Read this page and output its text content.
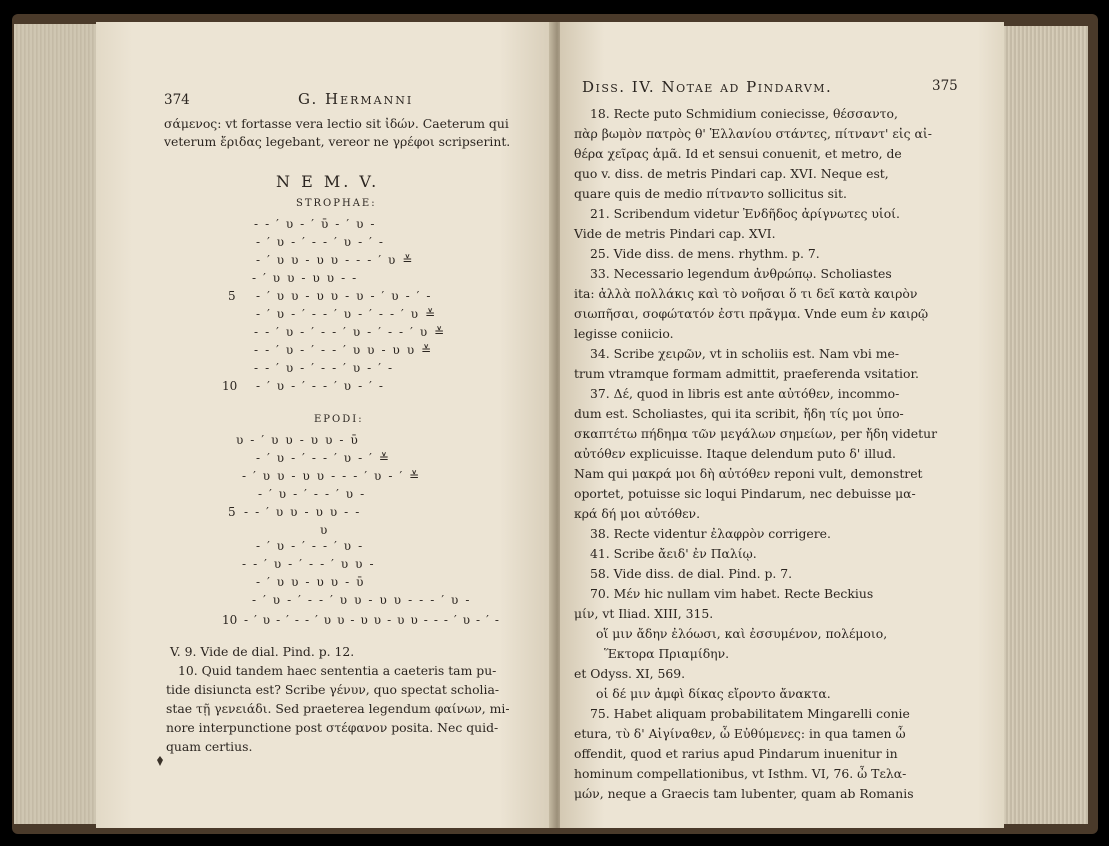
374	G. Hermanni
σάμενος: vt fortasse vera lectio sit ἰδών. Caeterum qui
veterum ἔριδας legebant, vereor ne γρέφοι scripserint.
N E M. V.
STROPHAE:
- - ′ υ - ′ ῡ - ′ υ -
- ′ υ - ′ - - ′ υ - ′ -
- ′ υ υ - υ υ - - - ′ υ ≚
- ′ υ υ - υ υ - -
5 - ′ υ υ - υ υ - υ - ′ υ - ′ -
- ′ υ - ′ - - ′ υ - ′ - - ′ υ ≚
- - ′ υ - ′ - - ′ υ - ′ - - ′ υ ≚
- - ′ υ - ′ - - ′ υ υ - υ υ ≚
- - ′ υ - ′ - - ′ υ - ′ -
10 - ′ υ - ′ - - ′ υ - ′ -
EPODI:
υ - ′ υ υ - υ υ - ῡ
- ′ υ - ′ - - ′ υ - ′ ≚
- ′ υ υ - υ υ - - - ′ υ - ′ ≚
- ′ υ - ′ - - ′ υ -
5 - - ′ υ υ - υ υ - -
υ
- ′ υ - ′ - - ′ υ -
- - ′ υ - ′ - - ′ υ υ -
- ′ υ υ - υ υ - ῡ
- ′ υ - ′ - - ′ υ υ - υ υ - - - ′ υ -
10 - ′ υ - ′ - - ′ υ υ - υ υ - υ υ - - - ′ υ - ′ -
V. 9. Vide de dial. Pind. p. 12.
10. Quid tandem haec sententia a caeteris tam pu-
tide disiuncta est? Scribe γένυν, quo spectat scholia-
stae τῇ γενειάδι. Sed praeterea legendum φαίνων, mi-
nore interpunctione post στέφανον posita. Nec quid-
quam certius.
Diss. IV. Notae ad Pindarvm.	375
18. Recte puto Schmidium coniecisse, θέσσαντο,
πὰρ βωμὸν πατρὸς θ' Ἑλλανίου στάντες, πίτναντ' εἰς αἰ-
θέρα χεῖρας ἁμᾶ. Id et sensui conuenit, et metro, de
quo v. diss. de metris Pindari cap. XVI. Neque est,
quare quis de medio πίτναντο sollicitus sit.
21. Scribendum videtur Ἐνδῆδος ἀρίγνωτες υἱοί.
Vide de metris Pindari cap. XVI.
25. Vide diss. de mens. rhythm. p. 7.
33. Necessario legendum ἀνθρώπῳ. Scholiastes
ita: ἀλλὰ πολλάκις καὶ τὸ νοῆσαι ὅ τι δεῖ κατὰ καιρὸν
σιωπῆσαι, σοφώτατόν ἐστι πρᾶγμα. Vnde eum ἐν καιρῷ
legisse coniicio.
34. Scribe χειρῶν, vt in scholiis est. Nam vbi me-
trum vtramque formam admittit, praeferenda vsitatior.
37. Δέ, quod in libris est ante αὐτόθεν, incommo-
dum est. Scholiastes, qui ita scribit, ἤδη τίς μοι ὑπο-
σκαπτέτω πήδημα τῶν μεγάλων σημείων, per ἤδη videtur
αὐτόθεν explicuisse. Itaque delendum puto δ' illud.
Nam qui μακρά μοι δὴ αὐτόθεν reponi vult, demonstret
oportet, potuisse sic loqui Pindarum, nec debuisse μα-
κρά δή μοι αὐτόθεν.
38. Recte videntur ἐλαφρὸν corrigere.
41. Scribe ἄειδ' ἐν Παλίῳ.
58. Vide diss. de dial. Pind. p. 7.
70. Μέν hic nullam vim habet. Recte Beckius
μίν, vt Iliad. XIII, 315.
οἵ μιν ἄδην ἐλόωσι, καὶ ἐσσυμένον, πολέμοιο,
Ἕκτορα Πριαμίδην.
et Odyss. XI, 569.
οἱ δέ μιν ἀμφὶ δίκας εἴροντο ἄνακτα.
75. Habet aliquam probabilitatem Mingarelli conie
etura, τὺ δ' Αἰγίναθεν, ὦ Εὐθύμενες: in qua tamen ὦ
offendit, quod et rarius apud Pindarum inuenitur in
hominum compellationibus, vt Isthm. VI, 76. ὦ Τελα-
μών, neque a Graecis tam lubenter, quam ab Romanis
